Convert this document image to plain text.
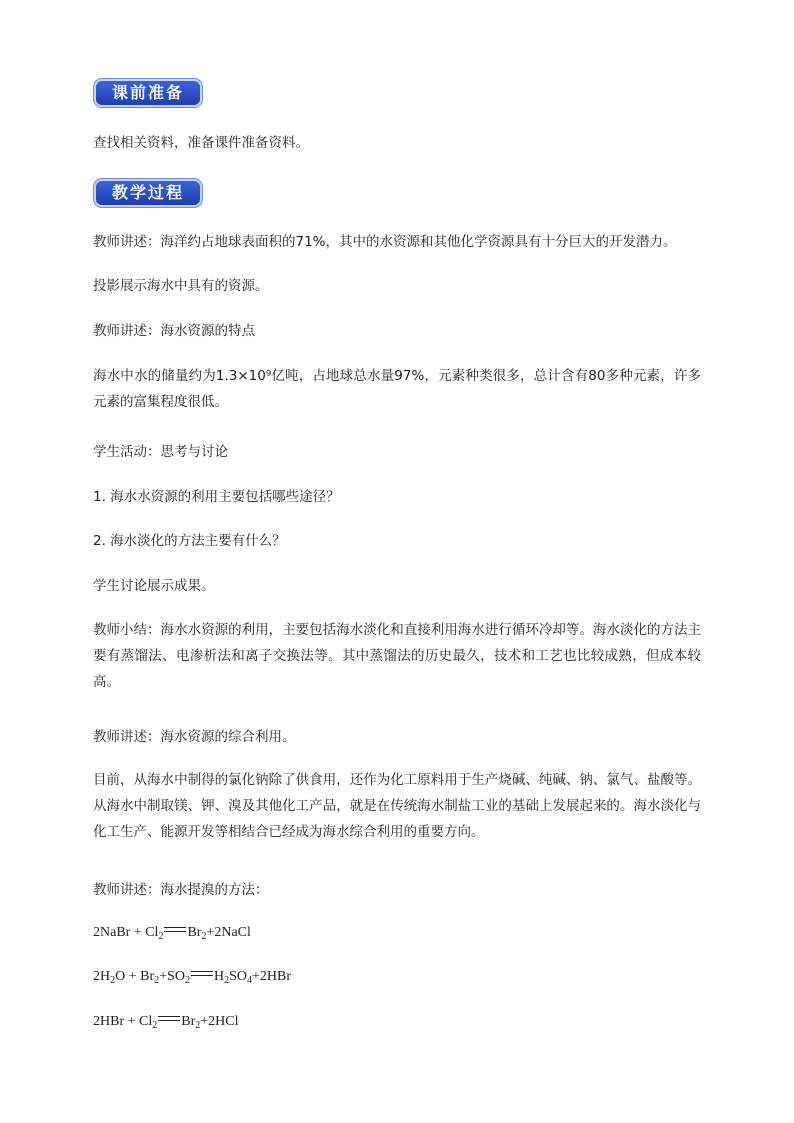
课前准备

查找相关资料，准备课件准备资料。

教学过程

教师讲述：海洋约占地球表面积的71%，其中的水资源和其他化学资源具有十分巨大的开发潜力。

投影展示海水中具有的资源。

教师讲述：海水资源的特点

海水中水的储量约为1.3×10⁹亿吨，占地球总水量97%，元素种类很多，总计含有80多种元素，许多元素的富集程度很低。

学生活动：思考与讨论

1. 海水水资源的利用主要包括哪些途径？

2. 海水淡化的方法主要有什么？

学生讨论展示成果。

教师小结：海水水资源的利用，主要包括海水淡化和直接利用海水进行循环冷却等。海水淡化的方法主要有蒸馏法、电渗析法和离子交换法等。其中蒸馏法的历史最久，技术和工艺也比较成熟，但成本较高。

教师讲述：海水资源的综合利用。

目前，从海水中制得的氯化钠除了供食用，还作为化工原料用于生产烧碱、纯碱、钠、氯气、盐酸等。从海水中制取镁、钾、溴及其他化工产品，就是在传统海水制盐工业的基础上发展起来的。海水淡化与化工生产、能源开发等相结合已经成为海水综合利用的重要方向。

教师讲述：海水提溴的方法：

2NaBr + $Cl_2$ $Br_2+2NaCl$
$2H_2O + Br_2+SO_2$ $H_2SO_4+2HBr$
$2HBr + Cl_2$ $Br_2+2HCl$
